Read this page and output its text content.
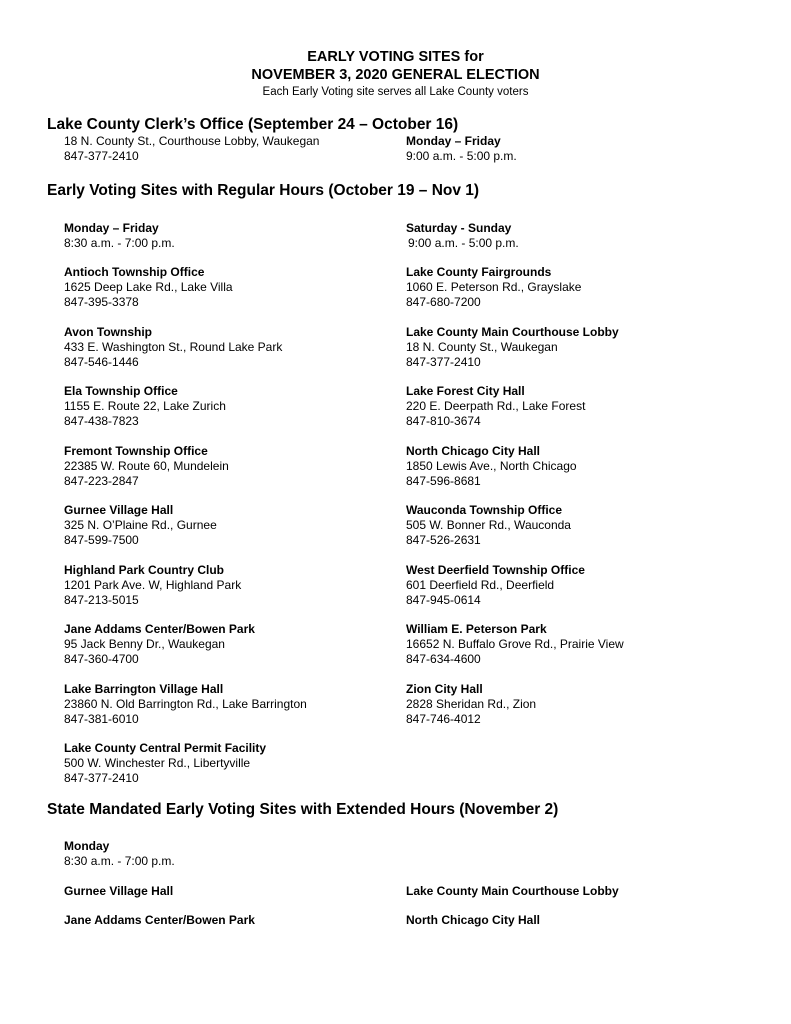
EARLY VOTING SITES for
NOVEMBER 3, 2020 GENERAL ELECTION
Each Early Voting site serves all Lake County voters
Lake County Clerk’s Office (September 24 – October 16)
18 N. County St., Courthouse Lobby, Waukegan
847-377-2410
Monday – Friday
9:00 a.m. - 5:00 p.m.
Early Voting Sites with Regular Hours (October 19 – Nov 1)
Monday – Friday
8:30 a.m. - 7:00 p.m.
Saturday - Sunday
9:00 a.m. - 5:00 p.m.
Antioch Township Office
1625 Deep Lake Rd., Lake Villa
847-395-3378
Avon Township
433 E. Washington St., Round Lake Park
847-546-1446
Ela Township Office
1155 E. Route 22, Lake Zurich
847-438-7823
Fremont Township Office
22385 W. Route 60, Mundelein
847-223-2847
Gurnee Village Hall
325 N. O’Plaine Rd., Gurnee
847-599-7500
Highland Park Country Club
1201 Park Ave. W, Highland Park
847-213-5015
Jane Addams Center/Bowen Park
95 Jack Benny Dr., Waukegan
847-360-4700
Lake Barrington Village Hall
23860 N. Old Barrington Rd., Lake Barrington
847-381-6010
Lake County Central Permit Facility
500 W. Winchester Rd., Libertyville
847-377-2410
Lake County Fairgrounds
1060 E. Peterson Rd., Grayslake
847-680-7200
Lake County Main Courthouse Lobby
18 N. County St., Waukegan
847-377-2410
Lake Forest City Hall
220 E. Deerpath Rd., Lake Forest
847-810-3674
North Chicago City Hall
1850 Lewis Ave., North Chicago
847-596-8681
Wauconda Township Office
505 W. Bonner Rd., Wauconda
847-526-2631
West Deerfield Township Office
601 Deerfield Rd., Deerfield
847-945-0614
William E. Peterson Park
16652 N. Buffalo Grove Rd., Prairie View
847-634-4600
Zion City Hall
2828 Sheridan Rd., Zion
847-746-4012
State Mandated Early Voting Sites with Extended Hours (November 2)
Monday
8:30 a.m. - 7:00 p.m.
Gurnee Village Hall
Jane Addams Center/Bowen Park
Lake County Main Courthouse Lobby
North Chicago City Hall
